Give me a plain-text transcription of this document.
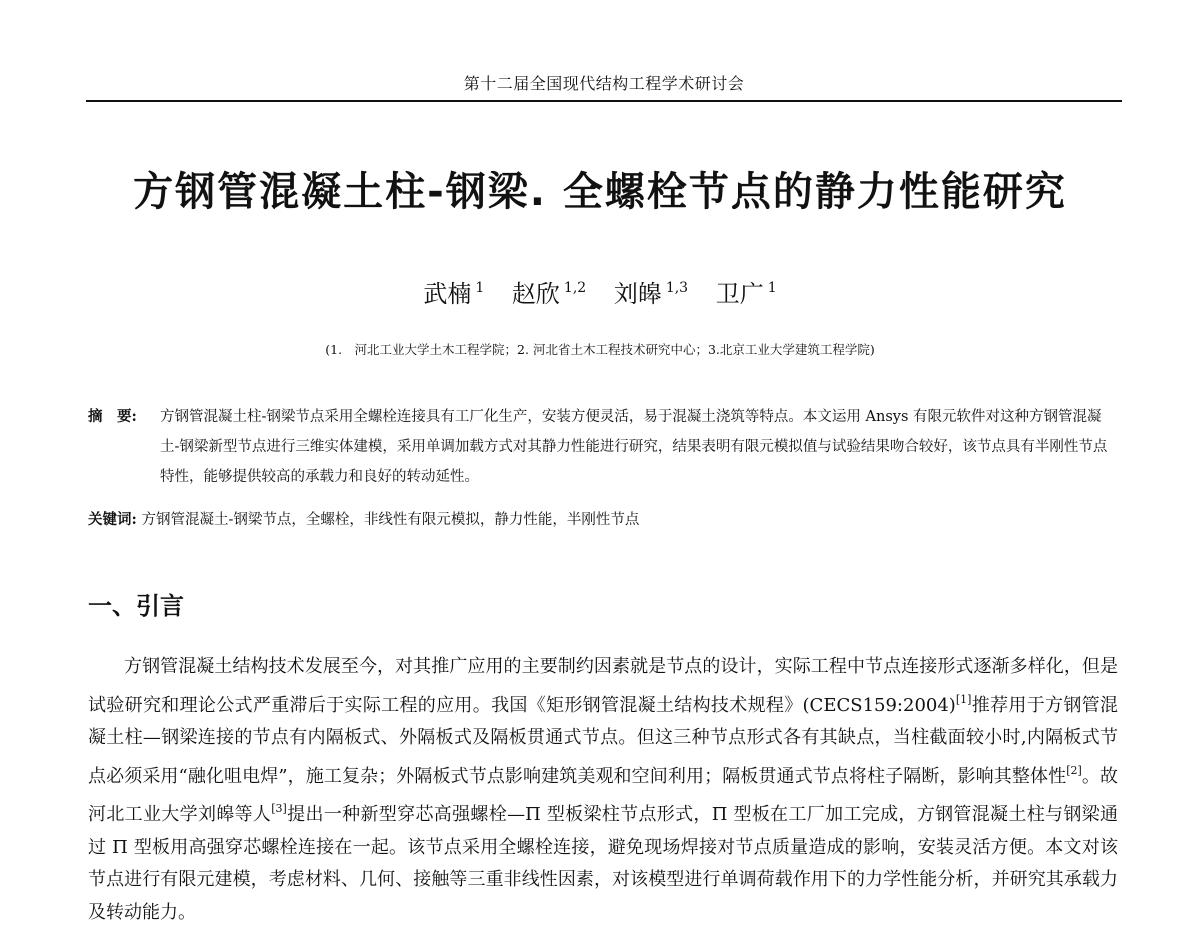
第十二届全国现代结构工程学术研讨会
方钢管混凝土柱-钢梁. 全螺栓节点的静力性能研究
武楠 $^1$ 赵欣 $^{1,2}$ 刘皞 $^{1,3}$ 卫广 $^1$
(1.　河北工业大学土木工程学院；2. 河北省土木工程技术研究中心；3.北京工业大学建筑工程学院)
摘　要: 方钢管混凝土柱-钢梁节点采用全螺栓连接具有工厂化生产，安装方便灵活，易于混凝土浇筑等特点。本文运用 Ansys 有限元软件对这种方钢管混凝土-钢梁新型节点进行三维实体建模，采用单调加载方式对其静力性能进行研究，结果表明有限元模拟值与试验结果吻合较好，该节点具有半刚性节点特性，能够提供较高的承载力和良好的转动延性。
关键词: 方钢管混凝土-钢梁节点，全螺栓，非线性有限元模拟，静力性能，半刚性节点
一、引言

方钢管混凝土结构技术发展至今，对其推广应用的主要制约因素就是节点的设计，实际工程中节点连接形式逐渐多样化，但是试验研究和理论公式严重滞后于实际工程的应用。我国《矩形钢管混凝土结构技术规程》(CECS159:2004)[1]推荐用于方钢管混凝土柱—钢梁连接的节点有内隔板式、外隔板式及隔板贯通式节点。但这三种节点形式各有其缺点，当柱截面较小时,内隔板式节点必须采用“融化咀电焊”，施工复杂；外隔板式节点影响建筑美观和空间利用；隔板贯通式节点将柱子隔断，影响其整体性[2]。故河北工业大学刘皞等人[3]提出一种新型穿芯高强螺栓—Π 型板梁柱节点形式，Π 型板在工厂加工完成，方钢管混凝土柱与钢梁通过 Π 型板用高强穿芯螺栓连接在一起。该节点采用全螺栓连接，避免现场焊接对节点质量造成的影响，安装灵活方便。本文对该节点进行有限元建模，考虑材料、几何、接触等三重非线性因素，对该模型进行单调荷载作用下的力学性能分析，并研究其承载力及转动能力。
